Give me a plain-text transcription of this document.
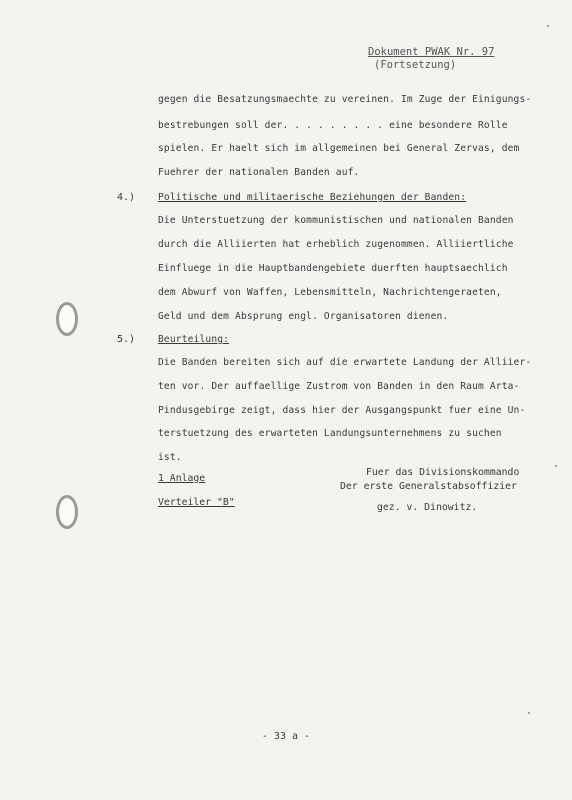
Dokument PWAK Nr. 97
(Fortsetzung)
gegen die Besatzungsmaechte zu vereinen. Im Zuge der Einigungs-
bestrebungen soll der. . . . . . . . . eine besondere Rolle
spielen. Er haelt sich im allgemeinen bei General Zervas, dem
Fuehrer der nationalen Banden auf.
4.) Politische und militaerische Beziehungen der Banden:
Die Unterstuetzung der kommunistischen und nationalen Banden
durch die Alliierten hat erheblich zugenommen. Alliiertliche
Einfluege in die Hauptbandengebiete duerften hauptsaechlich
dem Abwurf von Waffen, Lebensmitteln, Nachrichtengeraeten,
Geld und dem Absprung engl. Organisatoren dienen.
5.) Beurteilung:
Die Banden bereiten sich auf die erwartete Landung der Alliier-
ten vor. Der auffaellige Zustrom von Banden in den Raum Arta-
Pindusgebirge zeigt, dass hier der Ausgangspunkt fuer eine Un-
terstuetzung des erwarteten Landungsunternehmens zu suchen
ist.
1 Anlage
Verteiler "B"
Fuer das Divisionskommando
Der erste Generalstabsoffizier
gez. v. Dinowitz.
- 33 a -
